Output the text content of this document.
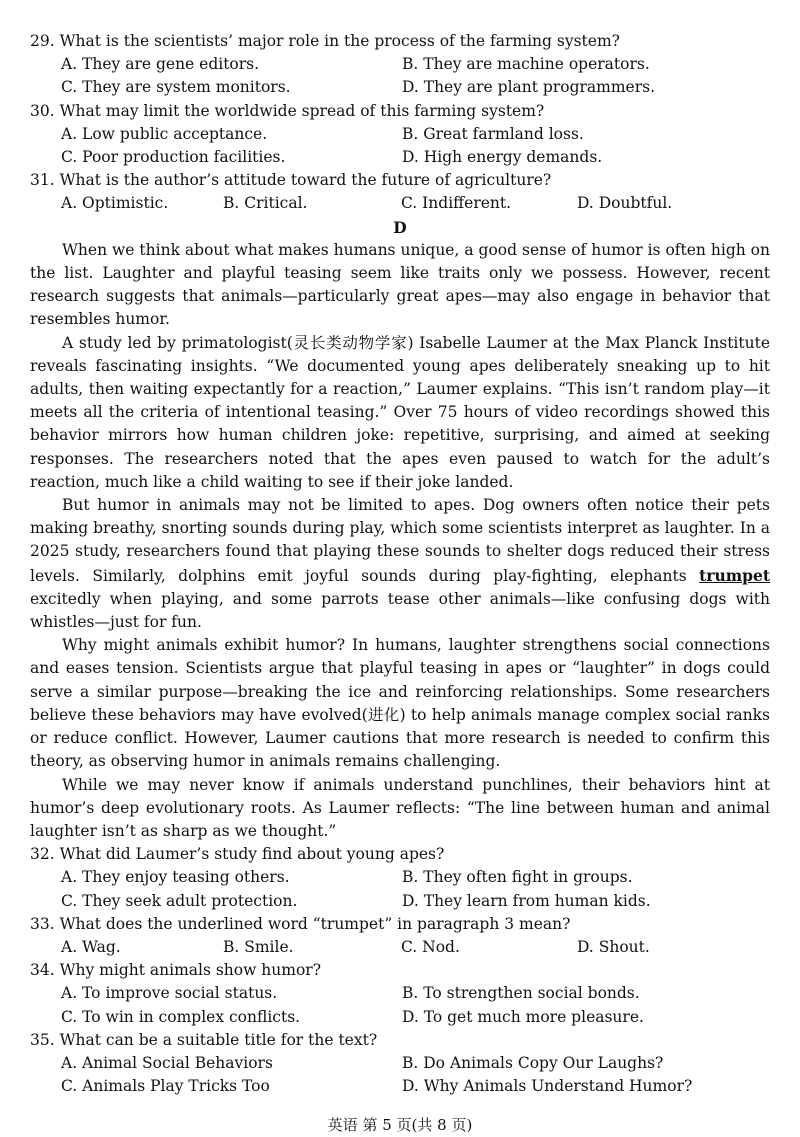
29. What is the scientists’ major role in the process of the farming system?
A. They are gene editors.	B. They are machine operators.
C. They are system monitors.	D. They are plant programmers.
30. What may limit the worldwide spread of this farming system?
A. Low public acceptance.	B. Great farmland loss.
C. Poor production facilities.	D. High energy demands.
31. What is the author’s attitude toward the future of agriculture?
A. Optimistic.	B. Critical.	C. Indifferent.	D. Doubtful.
D
When we think about what makes humans unique, a good sense of humor is often high on the list. Laughter and playful teasing seem like traits only we possess. However, recent research suggests that animals—particularly great apes—may also engage in behavior that resembles humor.
A study led by primatologist(灵长类动物学家) Isabelle Laumer at the Max Planck Institute reveals fascinating insights. “We documented young apes deliberately sneaking up to hit adults, then waiting expectantly for a reaction,” Laumer explains. “This isn’t random play—it meets all the criteria of intentional teasing.” Over 75 hours of video recordings showed this behavior mirrors how human children joke: repetitive, surprising, and aimed at seeking responses. The researchers noted that the apes even paused to watch for the adult’s reaction, much like a child waiting to see if their joke landed.
But humor in animals may not be limited to apes. Dog owners often notice their pets making breathy, snorting sounds during play, which some scientists interpret as laughter. In a 2025 study, researchers found that playing these sounds to shelter dogs reduced their stress levels. Similarly, dolphins emit joyful sounds during play-fighting, elephants trumpet excitedly when playing, and some parrots tease other animals—like confusing dogs with whistles—just for fun.
Why might animals exhibit humor? In humans, laughter strengthens social connections and eases tension. Scientists argue that playful teasing in apes or “laughter” in dogs could serve a similar purpose—breaking the ice and reinforcing relationships. Some researchers believe these behaviors may have evolved(进化) to help animals manage complex social ranks or reduce conflict. However, Laumer cautions that more research is needed to confirm this theory, as observing humor in animals remains challenging.
While we may never know if animals understand punchlines, their behaviors hint at humor’s deep evolutionary roots. As Laumer reflects: “The line between human and animal laughter isn’t as sharp as we thought.”
32. What did Laumer’s study find about young apes?
A. They enjoy teasing others.	B. They often fight in groups.
C. They seek adult protection.	D. They learn from human kids.
33. What does the underlined word “trumpet” in paragraph 3 mean?
A. Wag.	B. Smile.	C. Nod.	D. Shout.
34. Why might animals show humor?
A. To improve social status.	B. To strengthen social bonds.
C. To win in complex conflicts.	D. To get much more pleasure.
35. What can be a suitable title for the text?
A. Animal Social Behaviors	B. Do Animals Copy Our Laughs?
C. Animals Play Tricks Too	D. Why Animals Understand Humor?
英语 第 5 页(共 8 页)
